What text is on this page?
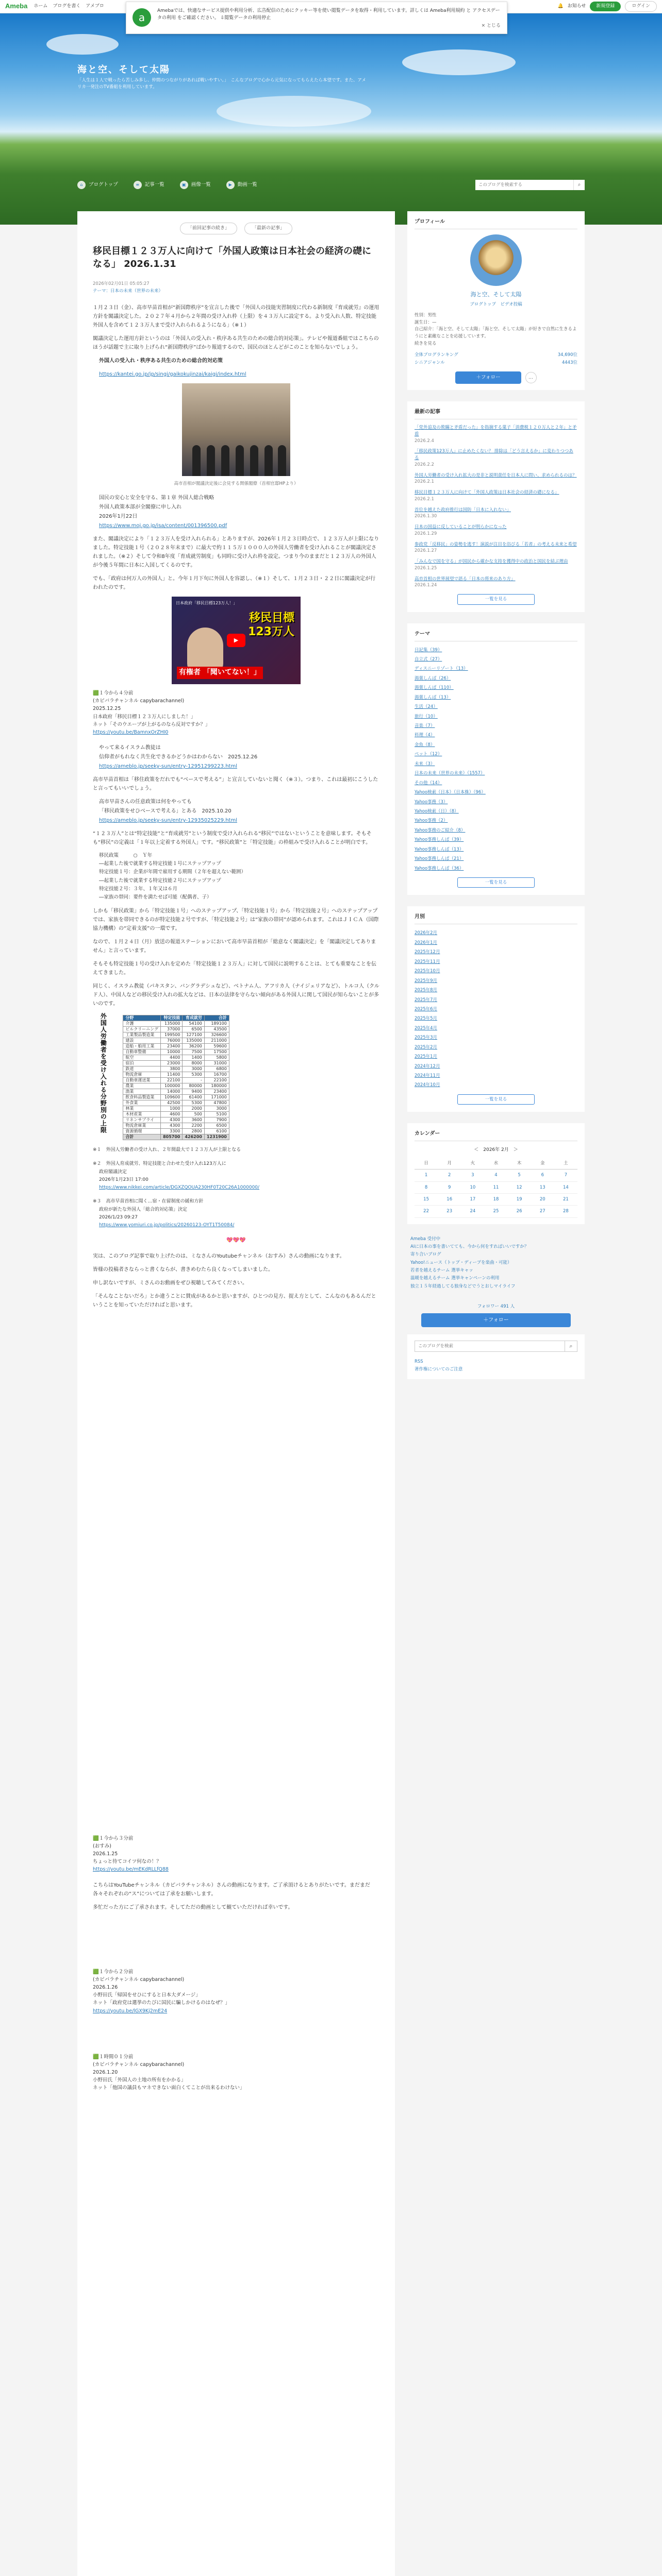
Ameba ホーム ブログを書く アメブロ	🔔 お知らせ	新規登録	ログイン
a
Amebaでは、快適なサービス提供や利用分析、広告配信のためにクッキー等を使い閲覧データを取得・利用しています。詳しくは Ameba利用規約 と アクセスデータの利用 をご確認ください。 ⇩閲覧データの利用停止
× とじる
海と空、そして太陽
「人生は１人で戦ったら苦しみ多し、仲間のつながりがあれば戦いやすい。」　こんなブログで心から元気になってもらえたら本望です。また、アメリカ一発注のTV番組を利用しています。
⌂	ブログトップ	≡	記事一覧	▣	画像一覧	▶	動画一覧
このブログを検索する	⌕
「前回記事の続き」	「最新の記事」
移民目標１２３万人に向けて「外国人政策は日本社会の経済の礎になる」 2026.1.31
2026年02月01日 05:05:27
テーマ：日本の未来（世界の未来）

１月２３日（金）、高市早苗首相が“新国際秩序”を宣言した後で「外国人の技能実習制度に代わる新制度『育成就労』の運用方針を閣議決定した。２０２７年４月から２年間の受け入れ枠（上限）を４３万人に設定する。より受入れ人数、特定技能外国人を含めて１２３万人まで受け入れられるようになる」（※１）

閣議決定した運用方針というのは「外国人の受入れ・秩序ある共生のための総合的対応策」。テレビや報道番組ではこちらのほうが話題で主に取り上げられ“新国際秩序”ばかり報道するので、国民のほとんどがこのことを知らないでしょう。

外国人の受入れ・秩序ある共生のための総合的対応策

https://kantei.go.jp/jp/singi/gaikokujinzai/kaigi/index.html

高市首相が閣議決定後に会見する関係閣僚（首相官邸HPより）

国民の安心と安全を守る、第１章 外国人総合戦略

外国人政策本部が全閣僚に申し入れ

2026年1月22日

https://www.moj.go.jp/isa/content/001396500.pdf

また、閣議決定により「１２３万人を受け入れられる」とありますが、2026年１月２３日時点で、１２３万人が上限になりました。特定技能１号（２０２８年末まで）に最大で約１１５万１０００人の外国人労働者を受け入れることが閣議決定されました。（※２）そして令和8年度「育成就労制度」も同時に受け入れ枠を設定。つまり今のままだと１２３万人の外国人が今後５年間に日本に入国してくるのです。

でも、「政府は何万人の外国人」と。今年１月下旬に外国人を容認し、（※１）そして、１月２３日・２２日に閣議決定が行われたのです。

日本政府「移民目標123万人！」
移民目標
123万人
有権者 「聞いてない！」
▶
🟩１今から４分前
(カピバラチャンネル capybarachannel)
2025.12.25
日本政府「移民目標１２３万人にしました！」
ネット「そのウエーブが上がるのなら反対ですか？」
https://youtu.be/BamnxOrZHI0

やって来るイスラム教徒は

信仰者がもれなく共生化できるかどうかはわからない　2025.12.26

https://ameblo.jp/seeky-sun/entry-12951299223.html

高市早苗首相は「移住政策をだれでも“ベースで考える”」と宣言していないと聞く（※３）。つまり、これは最初にこうしたと言ってもいいでしょう。

高市早苗さんの任意政策は何をやっても

「移民政策をせひベースで考える」とある　2025.10.20

https://ameblo.jp/seeky-sun/entry-12935025229.html

“１２３万人”とは“特定技能”と“育成就労”という制度で受け入れられる“移民”ではないということを意味します。そもそも“移民”の定義は「１年以上定着する外国人」です。“移民政策”と「特定技能」の枠組みで受け入れることが明白です。

移民政策　　　○　Ｙ年
―起業した後で就業する特定技能１号にステップアップ
特定技能１号：企業が年間で雇用する期間（２年を超えない範囲）
―起業した後で就業する特定技能２号にステップアップ
特定技能２号：３年、１年又は６月
―家族の帯同：要件を満たせば可能（配偶者、子）

しかも「移民政策」から「特定技能１号」へのステップアップ、「特定技能１号」から「特定技能２号」へのステップアップでは、家族を帯同できるのが特定技能２号ですが、「特定技能２号」は“家族の帯同”が認められます。これはＪＩＣＡ（国際協力機構）の“定着支援”の一環です。

なので、１月２４日（月）放送の報道ステーションにおいて高市早苗首相が「総意なく閣議決定」を「閣議決定してありません」と言っています。

そもそも特定技能１号の受け入れを定めた「特定技能１２３万人」に対して国民に説明することは、とても重要なことを伝えてきました。

同じく、イスラム教徒（パキスタン、バングラデシュなど）、ベトナム人、アフリカ人（ナイジェリアなど）、トルコ人（クルド人）、中国人などの移民受け入れの拡大などは、日本の法律を守らない傾向がある外国人に関して国民が知らないことが多いのです。

外国人労働者を受け入れる分野別の上限	分野	特定技能	育成就労	合計
介護	135000	54100	189100
ビルクリーニング	37000	6500	43500
工業製品製造業	199500	127100	326600
建設	76000	135000	211000
造船・舶用工業	23400	36200	59600
自動車整備	10000	7500	17500
航空	4400	1400	5800
宿泊	23000	8000	31000
鉄道	3800	3000	6800
物流倉庫	11400	5300	16700
自動車運送業	22100	-	22100
農業	100000	80000	180000
漁業	14000	9400	23400
飲食料品製造業	109600	61400	171000
外食業	42500	5300	47800
林業	1000	2000	3000
木材産業	4600	500	5100
リネンサプライ	4300	3600	7900
物流倉庫業	4300	2200	6500
資源循環	3300	2800	6100
合計	805700	426200	1231900
※１　外国人労働者の受け入れ、２年間最大で１２３万人が上限となる
※２　外国人育成就労、特定技能と合わせた受け入れ123万人に
政府閣議決定
2026年1月23日 17:00
https://www.nikkei.com/article/DGXZQOUA230HF0T20C26A1000000/
※３　高市早苗首相に聞く…宿・在留制度の緩和方針
政府が新たな外国人「総合的対応策」決定
2026/1/23 09:27
https://www.yomiuri.co.jp/politics/20260123-OYT1T50084/
💖💖💖

実は、このブログ記事で取り上げたのは、ミなさんのYoutubeチャンネル（おすみ）さんの動画になります。

皆様の投稿者さならっと書くならが、書きめむたら良くなってしまいました。

申し訳ないですが、ミさんのお動画をぜひ視聴してみてください。

「そんなことないだろ」とか違うことに賛成があるかと思いますが、ひとつの見方、捉え方として、こんなのもあるんだということを知っていただければと思います。

🟩１今から３分前
(おすみ)
2026.1.25
ちょっと待てコイツ何なの！？
https://youtu.be/mEKdRLLfQ88

こちらはYouTubeチャンネル（カピバラチャンネル）さんの動画になります。ご了承頂けるとありがたいです。まだまだ各々それぞれの“ス”については了承をお願いします。

多忙だった方にご了承されます。そしてただの動画として観ていただければ幸いです。

🟩１今から２分前
(カピバラチャンネル capybarachannel)
2026.1.26
小野田氏「帰国をせひにすると日本大ダメージ」
ネット「政府党は選挙のたびに国民に騙しかけるのはなぜ？」
https://youtu.be/lGX9Kj2mE24
🟩１時間０１分前
(カピバラチャンネル capybarachannel)
2026.1.20
小野田氏「外国人の土地の所有をかかる」
ネット「他国の議員もマネできない面白くてことが出来るわけない」
プロフィール
海と空、そして太陽
ブログトップ　ビデオ投稿
性別：男性
誕生日：—
自己紹介：「海と空、そして太陽」「海と空、そして太陽」が好きで自然に生きるようにと素敵なことを応援しています。
続きを見る
全体ブログランキング	34,690位
シニアジャンル	4443位
＋フォロー	…
最新の記事
「党外追及の欺瞞と矛盾だった」を指摘する菓子「消費税１２０万人と２年」と矛盾
2026.2.4
「移民政策123万人」に止めたくない？ 排除は「どう言えるか」に変わりつつある
2026.2.2
外国人労働者の受け入れ拡大の是非と説明責任を日本人に問い、求められるのは？
2026.2.1
移民目標１２３万人に向けて「外国人政策は日本社会の経済の礎になる」
2026.2.1
首位を越えた政府推行は国防「日本に入れない」
2026.1.30
日本の国益に反していることが明らかになった
2026.1.29
参政党「反移民」の姿勢を逃す！演説が注目を浴びる「若者」の考える未来と希望
2026.1.27
「みんなで国を守る」が国民から確かな支持を獲得中の政治と国民を結ぶ理由
2026.1.25
高市首相の世界展望で語る「日本の将来のあり方」
2026.1.24
一覧を見る
テーマ
日記集（39）
自立式（27）
ディスニーリゾート（13）
湯葉しんぱ（26）
湯葉しんぱ（110）
湯葉しんぱ（13）
生活（24）
旅行（10）
音楽（7）
料理（4）
金魚（8）
ペット（12）
未来（3）
日本の未来（世界の未来）（1557）
その他（14）
Yahoo検索（日本）（日本株）（96）
Yahoo事務（3）
Yahoo検索（日）（8）
Yahoo事務（2）
Yahoo事務のご紹介（8）
Yahoo事務しんぱ（39）
Yahoo事務しんぱ（13）
Yahoo事務しんぱ（21）
Yahoo事務しんぱ（36）
一覧を見る
月別
2026年2月
2026年1月
2025年12月
2025年11月
2025年10月
2025年9月
2025年8月
2025年7月
2025年6月
2025年5月
2025年4月
2025年3月
2025年2月
2025年1月
2024年12月
2024年11月
2024年10月
一覧を見る
カレンダー
＜　2026年 2月　＞
日	月	火	水	木	金	土
1	2	3	4	5	6	7
8	9	10	11	12	13	14
15	16	17	18	19	20	21
22	23	24	25	26	27	28
Ameba 受付中
AIに日本の事を書いてても、今から何をすればいいですか？
寄り合いブログ
Yahoo!ニュース（トップ・ディープを楽曲・可能）
若者を越えるチーム 選挙キャッ
温暖を越えるチーム 選挙キャンペーンの利用
独立１５年経過してる独身などでうとおしマイライフ
フォロワー 491 人
＋フォロー
このブログを検索
⌕
RSS
著作権についてのご注意
